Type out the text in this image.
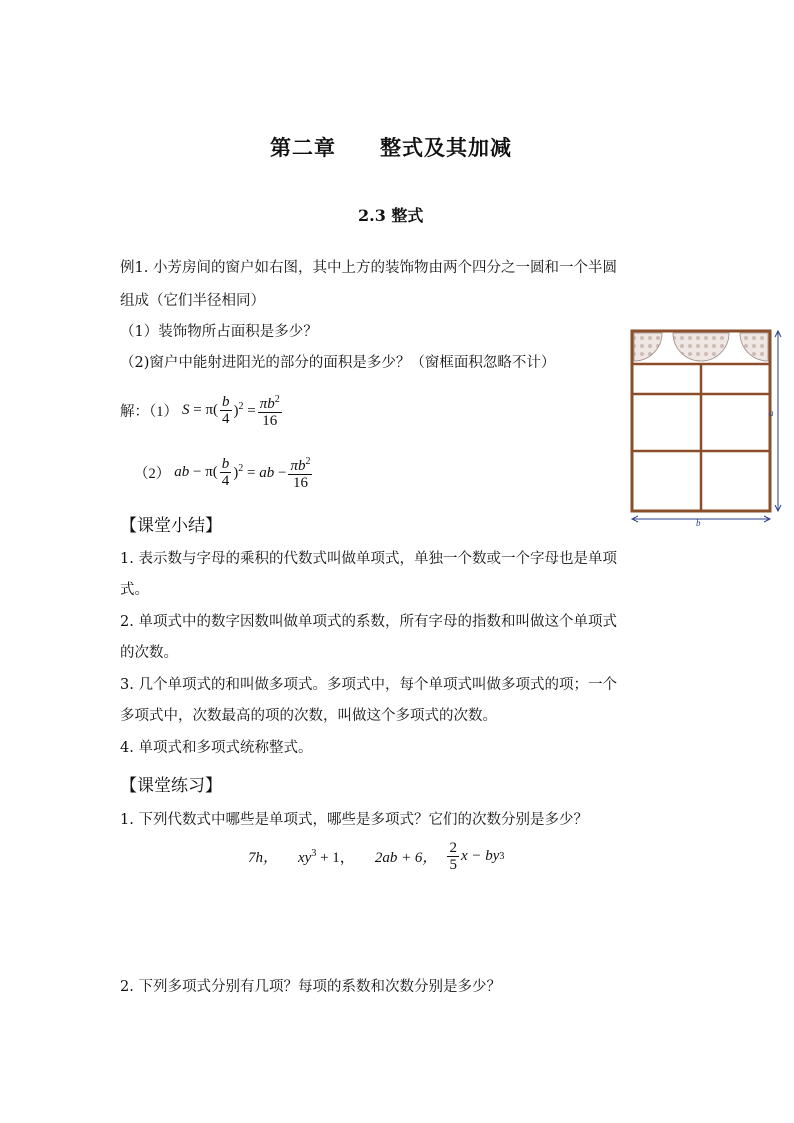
第二章　　整式及其加减
2.3 整式
例1. 小芳房间的窗户如右图，其中上方的装饰物由两个四分之一圆和一个半圆
组成（它们半径相同）
（1）装饰物所占面积是多少？
（2)窗户中能射进阳光的部分的面积是多少？（窗框面积忽略不计）
解：（1） $S = \pi( \frac{b}{4} )^2 = \frac{\pi b^2}{16}$
（2） ab − $\pi( \frac{b}{4} )^2$ = ab − $\frac{\pi b^2}{16}$
a
b
【课堂小结】
1. 表示数与字母的乘积的代数式叫做单项式，单独一个数或一个字母也是单项
式。
2. 单项式中的数字因数叫做单项式的系数，所有字母的指数和叫做这个单项式
的次数。
3. 几个单项式的和叫做多项式。多项式中，每个单项式叫做多项式的项；一个
多项式中，次数最高的项的次数，叫做这个多项式的次数。
4. 单项式和多项式统称整式。
【课堂练习】
1. 下列代数式中哪些是单项式，哪些是多项式？它们的次数分别是多少？
7h， $xy^3 + 1$， 2ab + 6， $\frac{2}{5}$ x − by 3
2. 下列多项式分别有几项？每项的系数和次数分别是多少？
